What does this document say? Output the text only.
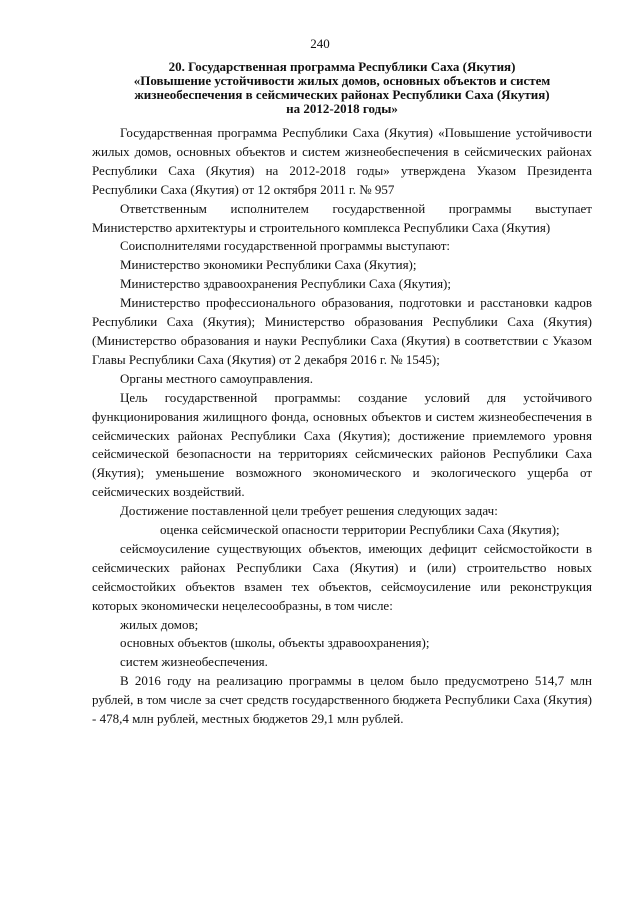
240
20. Государственная программа Республики Саха (Якутия)
«Повышение устойчивости жилых домов, основных объектов и систем
жизнеобеспечения в сейсмических районах Республики Саха (Якутия)
на 2012-2018 годы»

Государственная программа Республики Саха (Якутия) «Повышение устойчивости жилых домов, основных объектов и систем жизнеобеспечения в сейсмических районах Республики Саха (Якутия) на 2012-2018 годы» утверждена Указом Президента Республики Саха (Якутия) от 12 октября 2011 г. № 957

Ответственным исполнителем государственной программы выступает Министерство архитектуры и строительного комплекса Республики Саха (Якутия)

Соисполнителями государственной программы выступают:

Министерство экономики Республики Саха (Якутия);

Министерство здравоохранения Республики Саха (Якутия);

Министерство профессионального образования, подготовки и расстановки кадров Республики Саха (Якутия); Министерство образования Республики Саха (Якутия) (Министерство образования и науки Республики Саха (Якутия) в соответствии с Указом Главы Республики Саха (Якутия) от 2 декабря 2016 г. № 1545);

Органы местного самоуправления.

Цель государственной программы: создание условий для устойчивого функционирования жилищного фонда, основных объектов и систем жизнеобеспечения в сейсмических районах Республики Саха (Якутия); достижение приемлемого уровня сейсмической безопасности на территориях сейсмических районов Республики Саха (Якутия); уменьшение возможного экономического и экологического ущерба от сейсмических воздействий.

Достижение поставленной цели требует решения следующих задач:

оценка сейсмической опасности территории Республики Саха (Якутия);

сейсмоусиление существующих объектов, имеющих дефицит сейсмостойкости в сейсмических районах Республики Саха (Якутия) и (или) строительство новых сейсмостойких объектов взамен тех объектов, сейсмоусиление или реконструкция которых экономически нецелесообразны, в том числе:

жилых домов;

основных объектов (школы, объекты здравоохранения);

систем жизнеобеспечения.

В 2016 году на реализацию программы в целом было предусмотрено 514,7 млн рублей, в том числе за счет средств государственного бюджета Республики Саха (Якутия) - 478,4 млн рублей, местных бюджетов 29,1 млн рублей.
